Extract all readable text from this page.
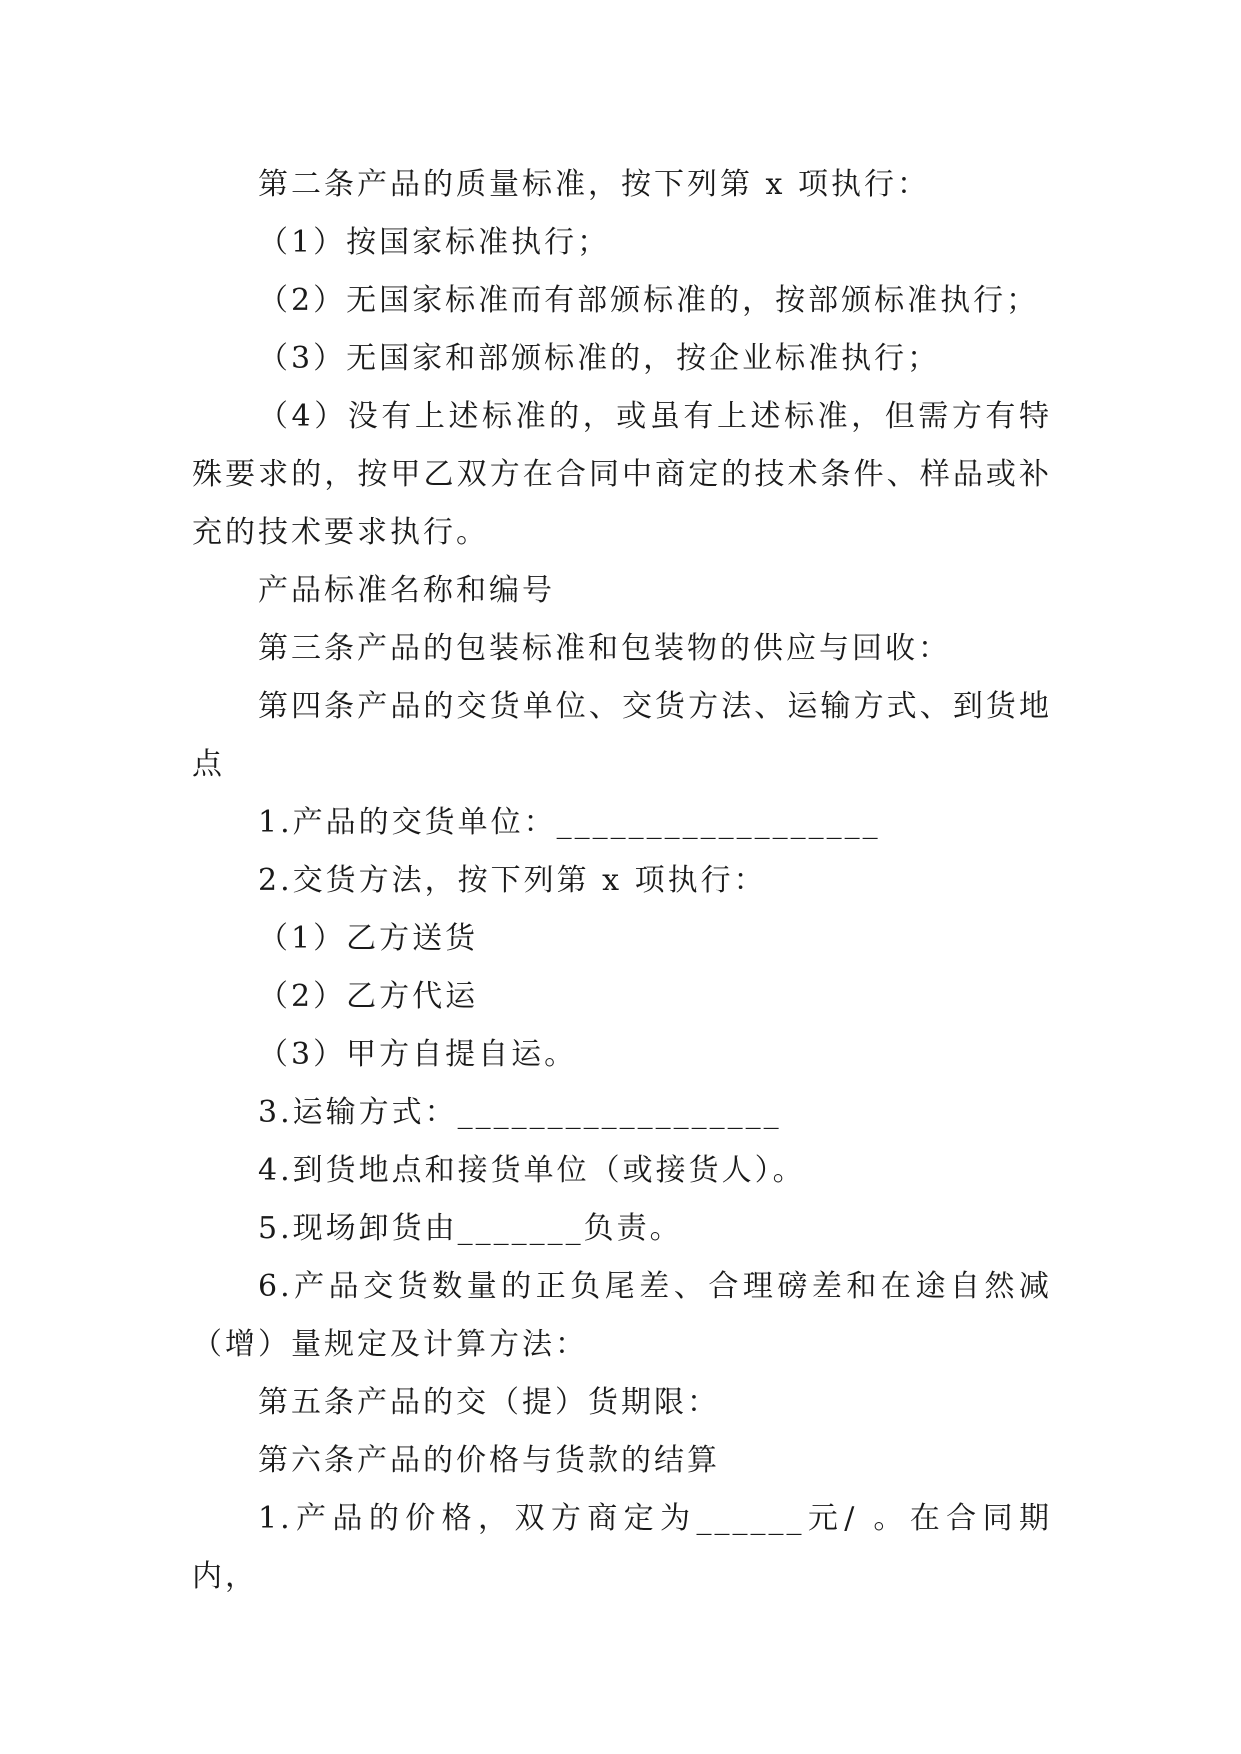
第二条产品的质量标准，按下列第 x 项执行：

（1）按国家标准执行；

（2）无国家标准而有部颁标准的，按部颁标准执行；

（3）无国家和部颁标准的，按企业标准执行；

（4）没有上述标准的，或虽有上述标准，但需方有特殊要求的，按甲乙双方在合同中商定的技术条件、样品或补充的技术要求执行。

产品标准名称和编号

第三条产品的包装标准和包装物的供应与回收：

第四条产品的交货单位、交货方法、运输方式、到货地点

1.产品的交货单位：__________________

2.交货方法，按下列第 x 项执行：

（1）乙方送货

（2）乙方代运

（3）甲方自提自运。

3.运输方式：__________________

4.到货地点和接货单位（或接货人）。

5.现场卸货由_______负责。

6.产品交货数量的正负尾差、合理磅差和在途自然减（增）量规定及计算方法：

第五条产品的交（提）货期限：

第六条产品的价格与货款的结算

1.产品的价格，双方商定为______元/ 。在合同期内，
